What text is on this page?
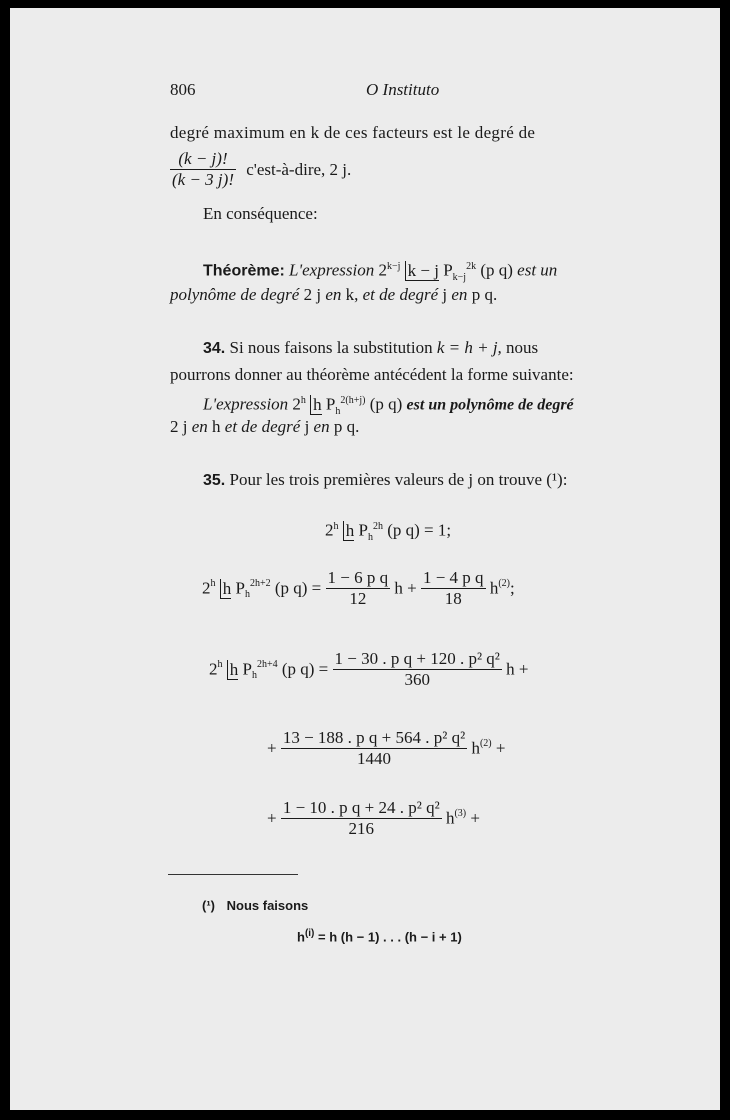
806	O Instituto
degré maximum en k de ces facteurs est le degré de
$\frac{(k - j)!}{(k - 3 j)!}$ c'est-à-dire, 2 j.
En conséquence:
Théorème: L'expression $2^{k-j}$ k − j $P_{k-j}^{2k}$ (p q) est un
polynôme de degré 2 j en k, et de degré j en p q.
34. Si nous faisons la substitution k = h + j, nous
pourrons donner au théorème antécédent la forme suivante:
L'expression 2$^h$ h $P_h^{2(h+j)}$ (p q) est un polynôme de degré
2 j en h et de degré j en p q.
35. Pour les trois premières valeurs de j on trouve (¹):
2$^h$ h $P_h^{2h}$ (p q) = 1;
2$^h$ h $P_h^{2h+2}$ (p $q) = \frac{\text{1 − 6 p q}}{12}$ $h + \frac{\text{1 − 4 p q}}{18} h^{(2)}$;
2$^h$ h $P_h^{2h+4}$ (p $q) = \frac{\text{1 − 30 . p q + 120 . p² q²}}{360}$ h +
+ $\frac{\text{13 − 188 . p q + 564 . p² q²}}{1440} h^{(2)}$ +
+ $\frac{\text{1 − 10 . p q + 24 . p² q²}}{216} h^{(3)}$ +
(¹) Nous faisons
$h^{(i)} = h$ (h − 1) . . . (h − i + 1)
